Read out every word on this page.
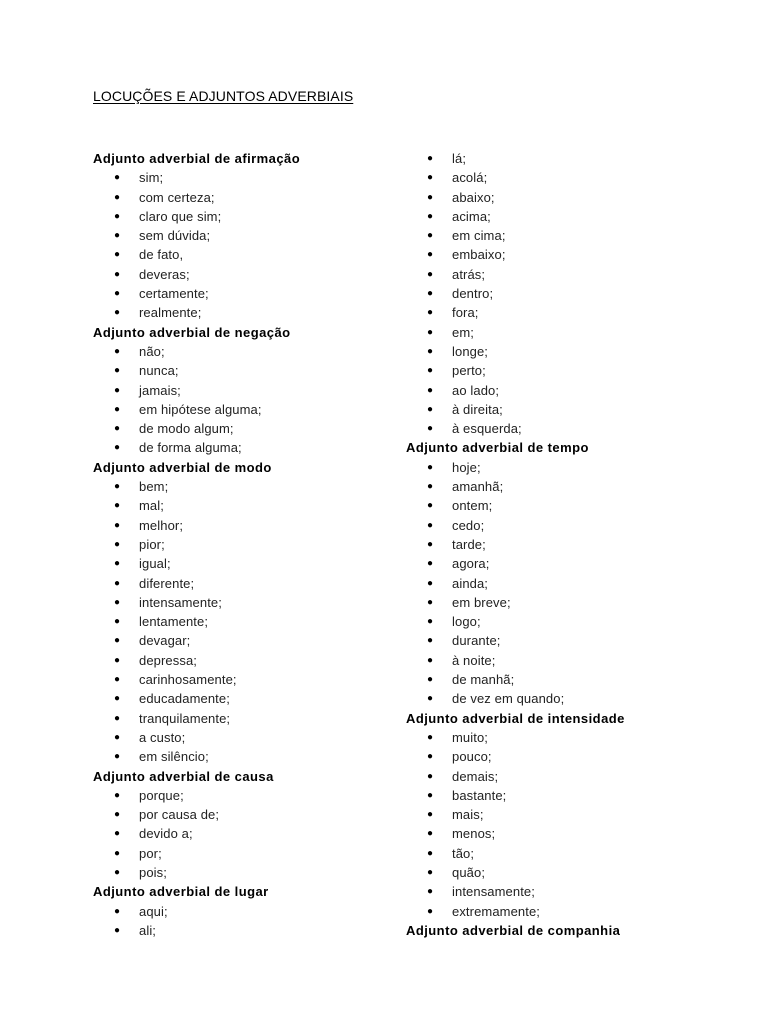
LOCUÇÕES E ADJUNTOS ADVERBIAIS
Adjunto adverbial de afirmação
● sim;
● com certeza;
● claro que sim;
● sem dúvida;
● de fato,
● deveras;
● certamente;
● realmente;
Adjunto adverbial de negação
● não;
● nunca;
● jamais;
● em hipótese alguma;
● de modo algum;
● de forma alguma;
Adjunto adverbial de modo
● bem;
● mal;
● melhor;
● pior;
● igual;
● diferente;
● intensamente;
● lentamente;
● devagar;
● depressa;
● carinhosamente;
● educadamente;
● tranquilamente;
● a custo;
● em silêncio;
Adjunto adverbial de causa
● porque;
● por causa de;
● devido a;
● por;
● pois;
Adjunto adverbial de lugar
● aqui;
● ali;
● lá;
● acolá;
● abaixo;
● acima;
● em cima;
● embaixo;
● atrás;
● dentro;
● fora;
● em;
● longe;
● perto;
● ao lado;
● à direita;
● à esquerda;
Adjunto adverbial de tempo
● hoje;
● amanhã;
● ontem;
● cedo;
● tarde;
● agora;
● ainda;
● em breve;
● logo;
● durante;
● à noite;
● de manhã;
● de vez em quando;
Adjunto adverbial de intensidade
● muito;
● pouco;
● demais;
● bastante;
● mais;
● menos;
● tão;
● quão;
● intensamente;
● extremamente;
Adjunto adverbial de companhia
